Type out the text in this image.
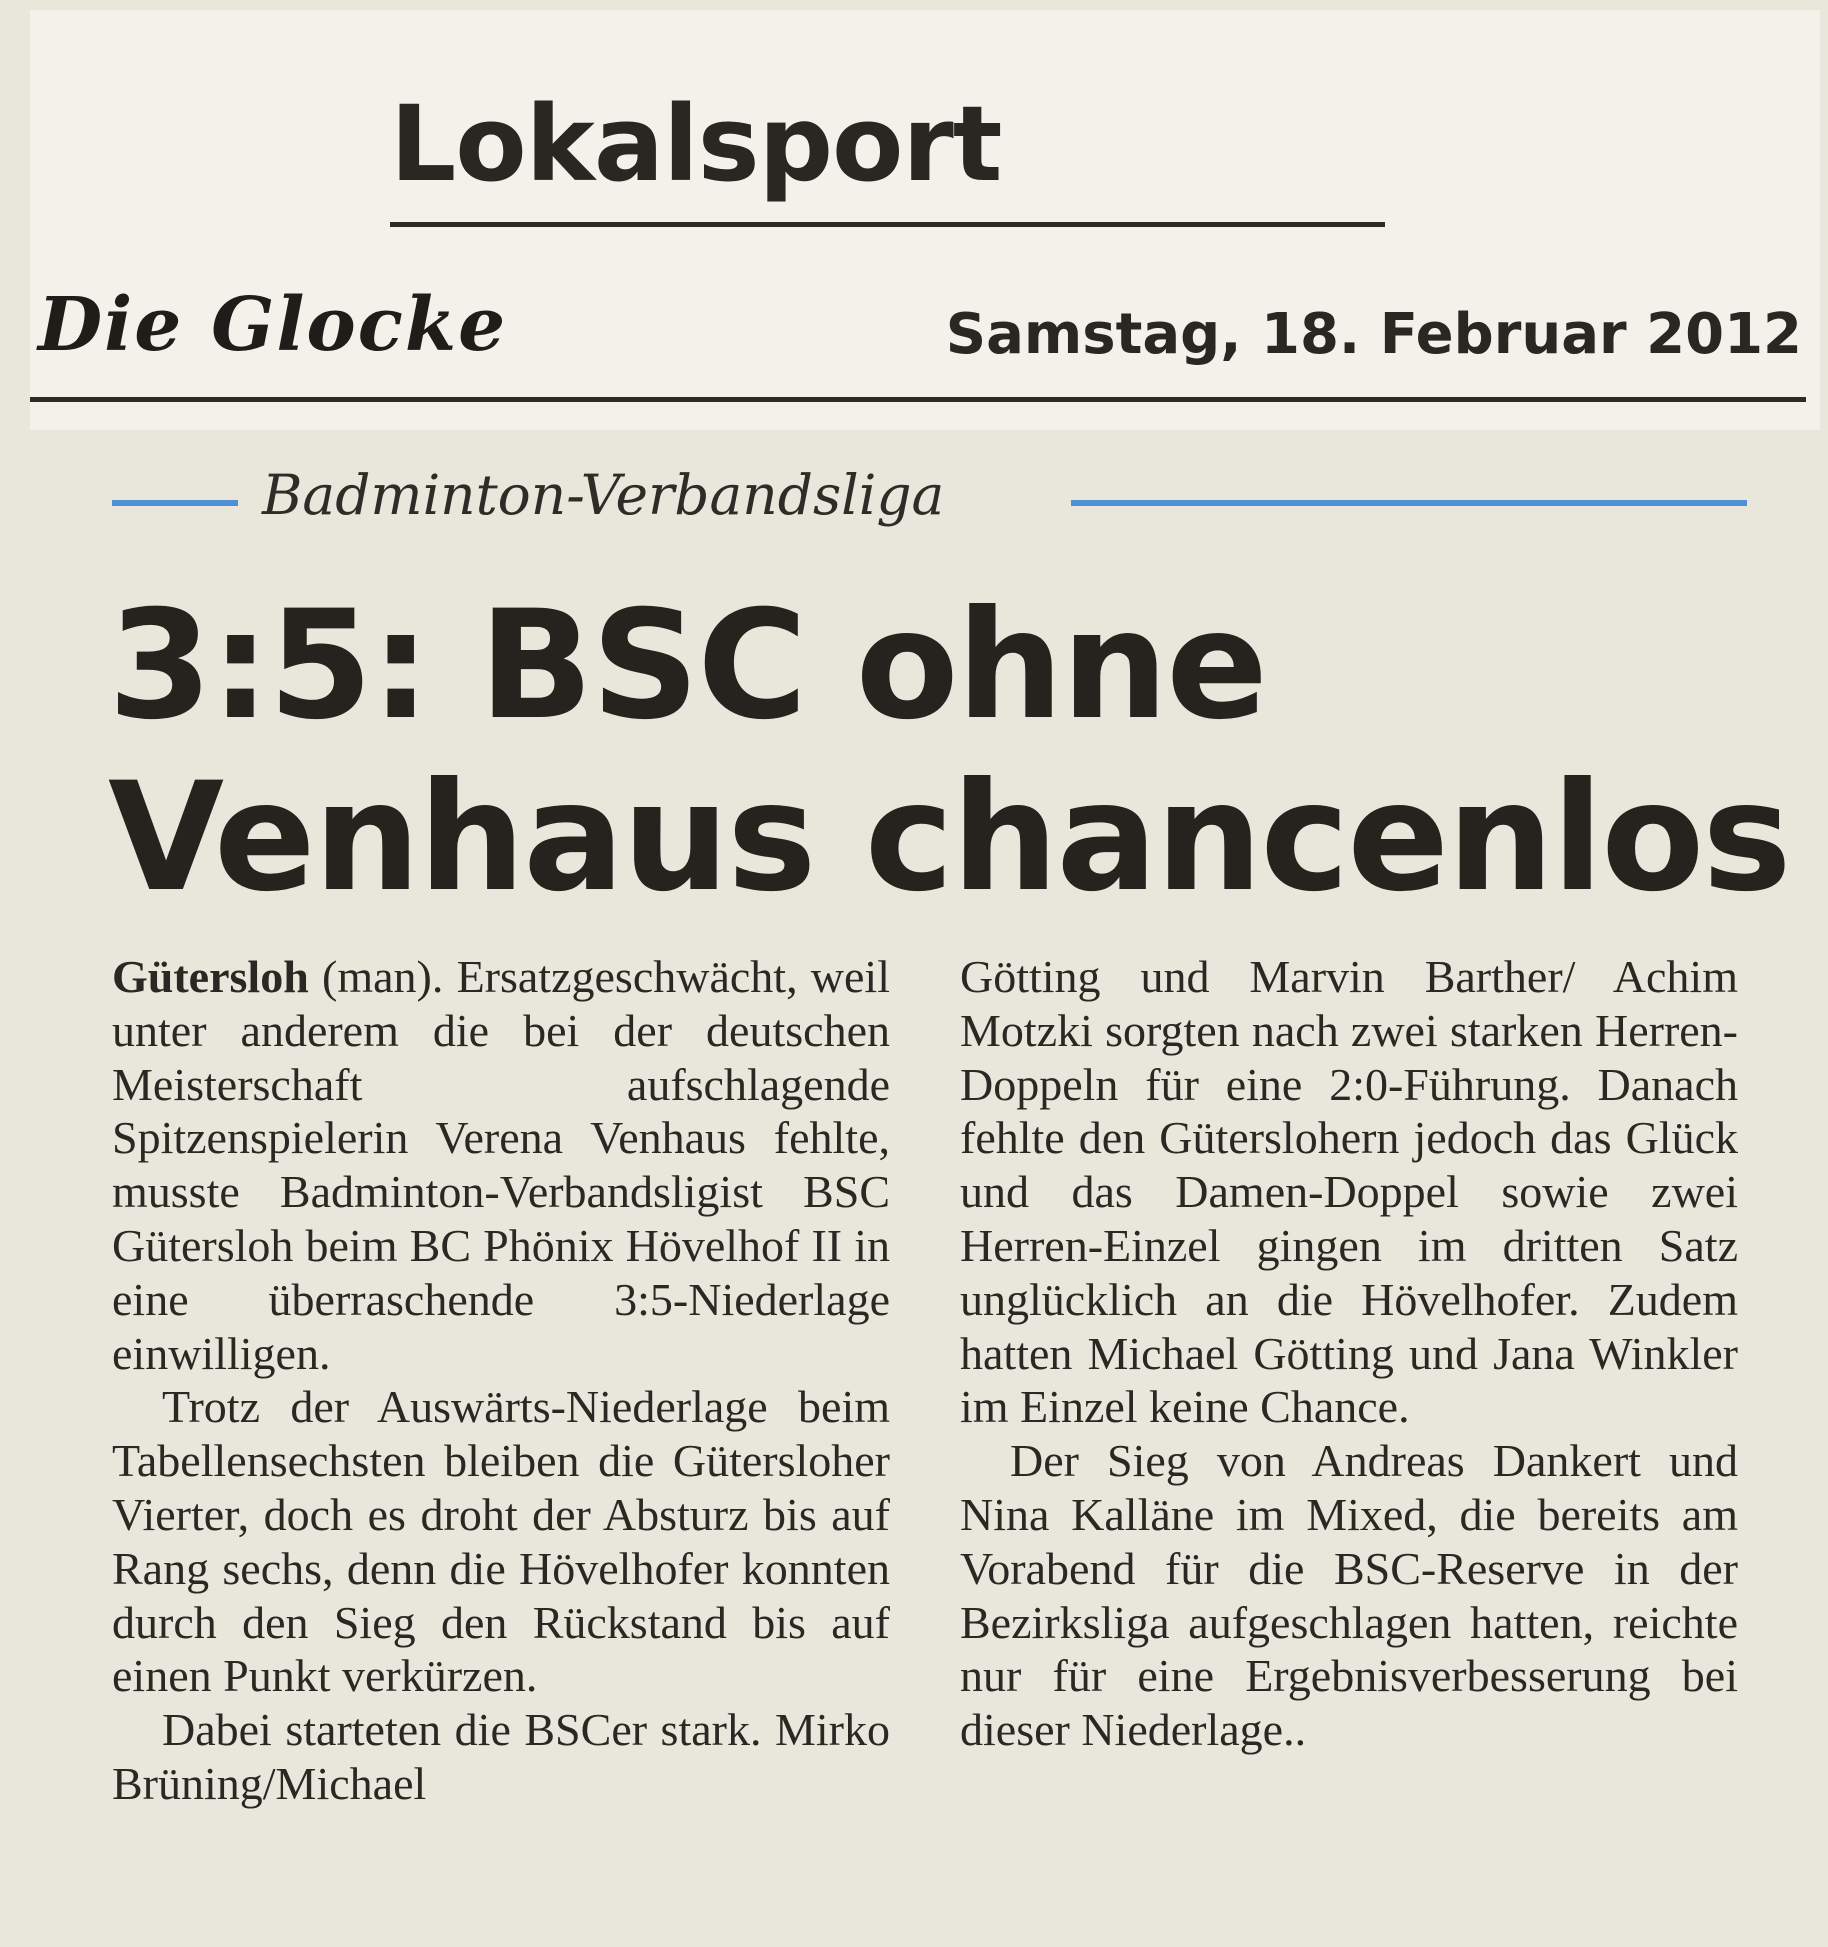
Lokalsport
Die Glocke	Samstag, 18. Februar 2012
Badminton-Verbandsliga
3:5: BSC ohne
Venhaus chancenlos

Gütersloh (man). Ersatzgeschwächt, weil unter anderem die bei der deutschen Meisterschaft aufschlagende Spitzenspielerin Verena Venhaus fehlte, musste Badminton-Verbandsligist BSC Gütersloh beim BC Phönix Hövelhof II in eine überraschende 3:5-Niederlage einwilligen.

Trotz der Auswärts-Niederlage beim Tabellensechsten bleiben die Gütersloher Vierter, doch es droht der Absturz bis auf Rang sechs, denn die Hövelhofer konnten durch den Sieg den Rückstand bis auf einen Punkt verkürzen.

Dabei starteten die BSCer stark. Mirko Brüning/Michael

Götting und Marvin Barther/ Achim Motzki sorgten nach zwei starken Herren-Doppeln für eine 2:0-Führung. Danach fehlte den Güterslohern jedoch das Glück und das Damen-Doppel sowie zwei Herren-Einzel gingen im dritten Satz unglücklich an die Hövelhofer. Zudem hatten Michael Götting und Jana Winkler im Einzel keine Chance.

Der Sieg von Andreas Dankert und Nina Kalläne im Mixed, die bereits am Vorabend für die BSC-Reserve in der Bezirksliga aufgeschlagen hatten, reichte nur für eine Ergebnisverbesserung bei dieser Niederlage..
